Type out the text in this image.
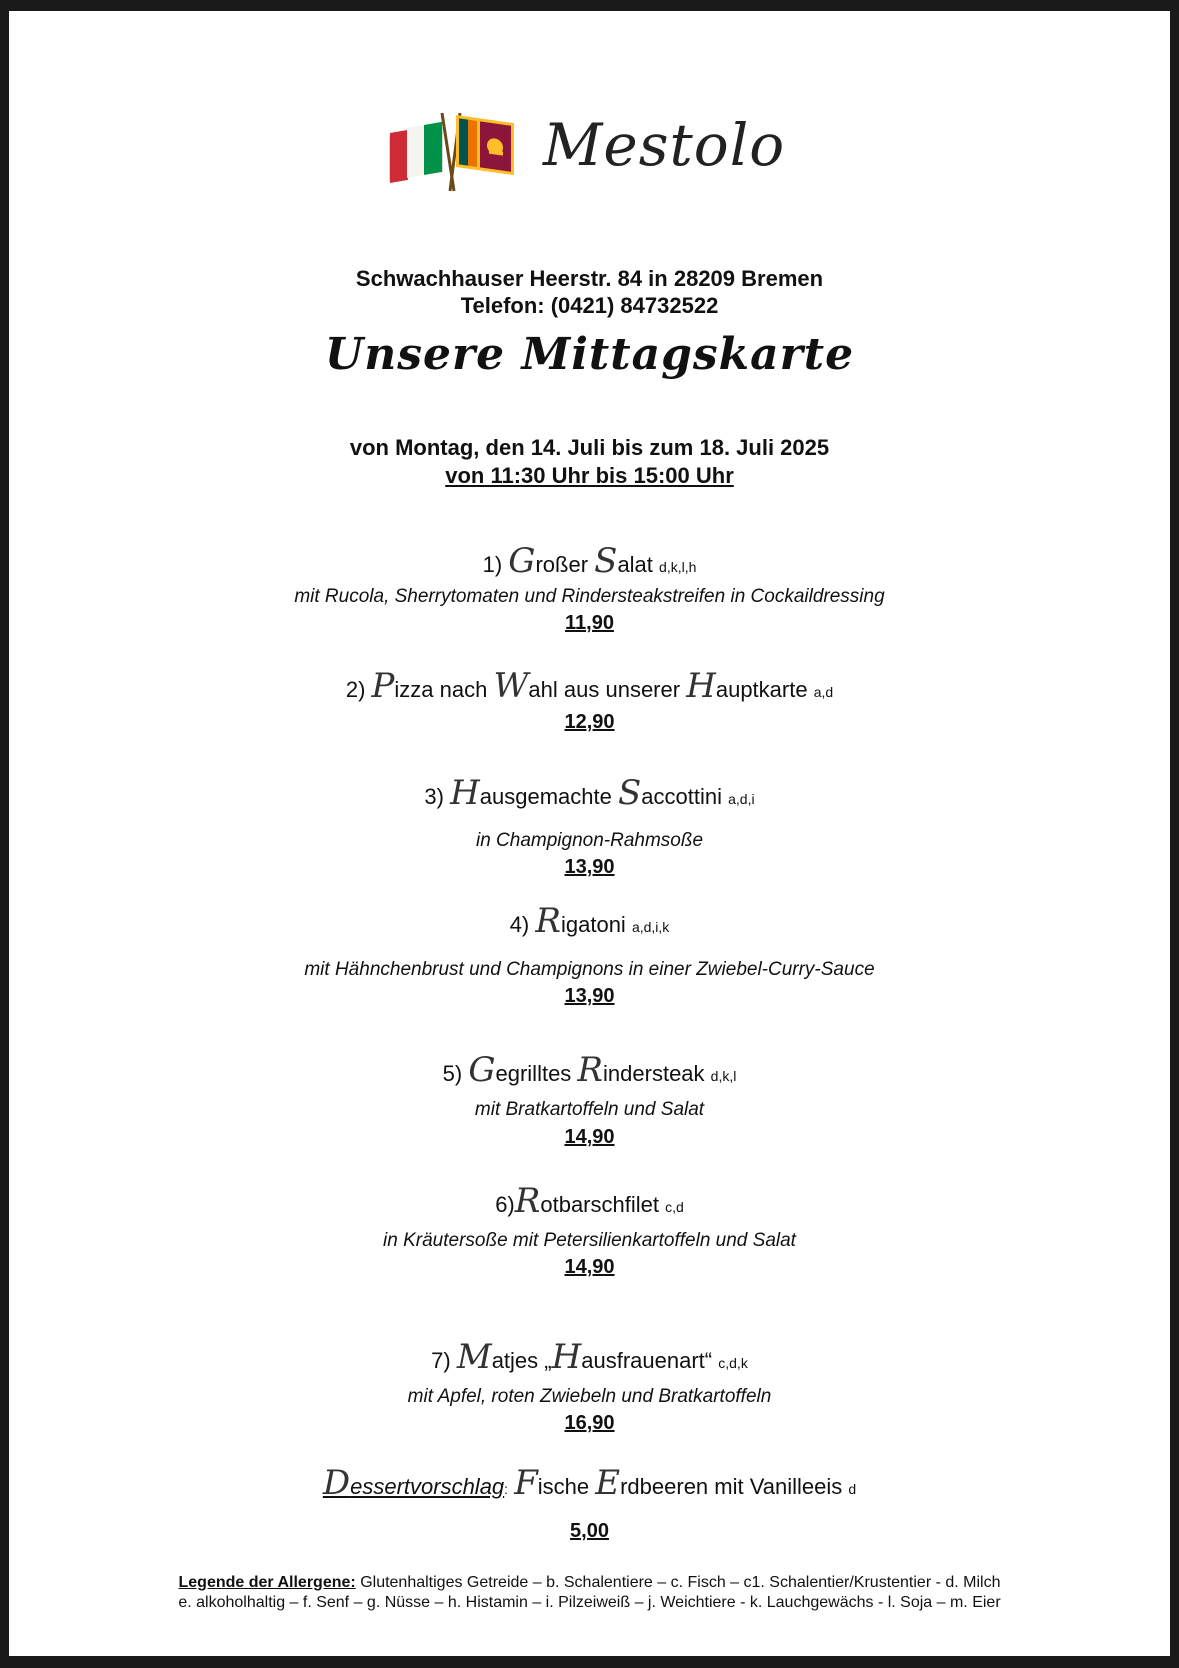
Mestolo
Schwachhauser Heerstr. 84 in 28209 Bremen
Telefon: (0421) 84732522
Unsere Mittagskarte
von Montag, den 14. Juli bis zum 18. Juli 2025
von 11:30 Uhr bis 15:00 Uhr
1) Großer Salat d,k,l,h
mit Rucola, Sherrytomaten und Rindersteakstreifen in Cockaildressing
11,90
2) Pizza nach Wahl aus unserer Hauptkarte a,d
12,90
3) Hausgemachte Saccottini a,d,i
in Champignon-Rahmsoße
13,90
4) Rigatoni a,d,i,k
mit Hähnchenbrust und Champignons in einer Zwiebel-Curry-Sauce
13,90
5) Gegrilltes Rindersteak d,k,l
mit Bratkartoffeln und Salat
14,90
6)Rotbarschfilet c,d
in Kräutersoße mit Petersilienkartoffeln und Salat
14,90
7) Matjes „Hausfrauenart“ c,d,k
mit Apfel, roten Zwiebeln und Bratkartoffeln
16,90
Dessertvorschlag: Fische Erdbeeren mit Vanilleeis d
5,00
Legende der Allergene: Glutenhaltiges Getreide – b. Schalentiere – c. Fisch – c1. Schalentier/Krustentier - d. Milch
e. alkoholhaltig – f. Senf – g. Nüsse – h. Histamin – i. Pilzeiweiß – j. Weichtiere - k. Lauchgewächs - l. Soja – m. Eier
